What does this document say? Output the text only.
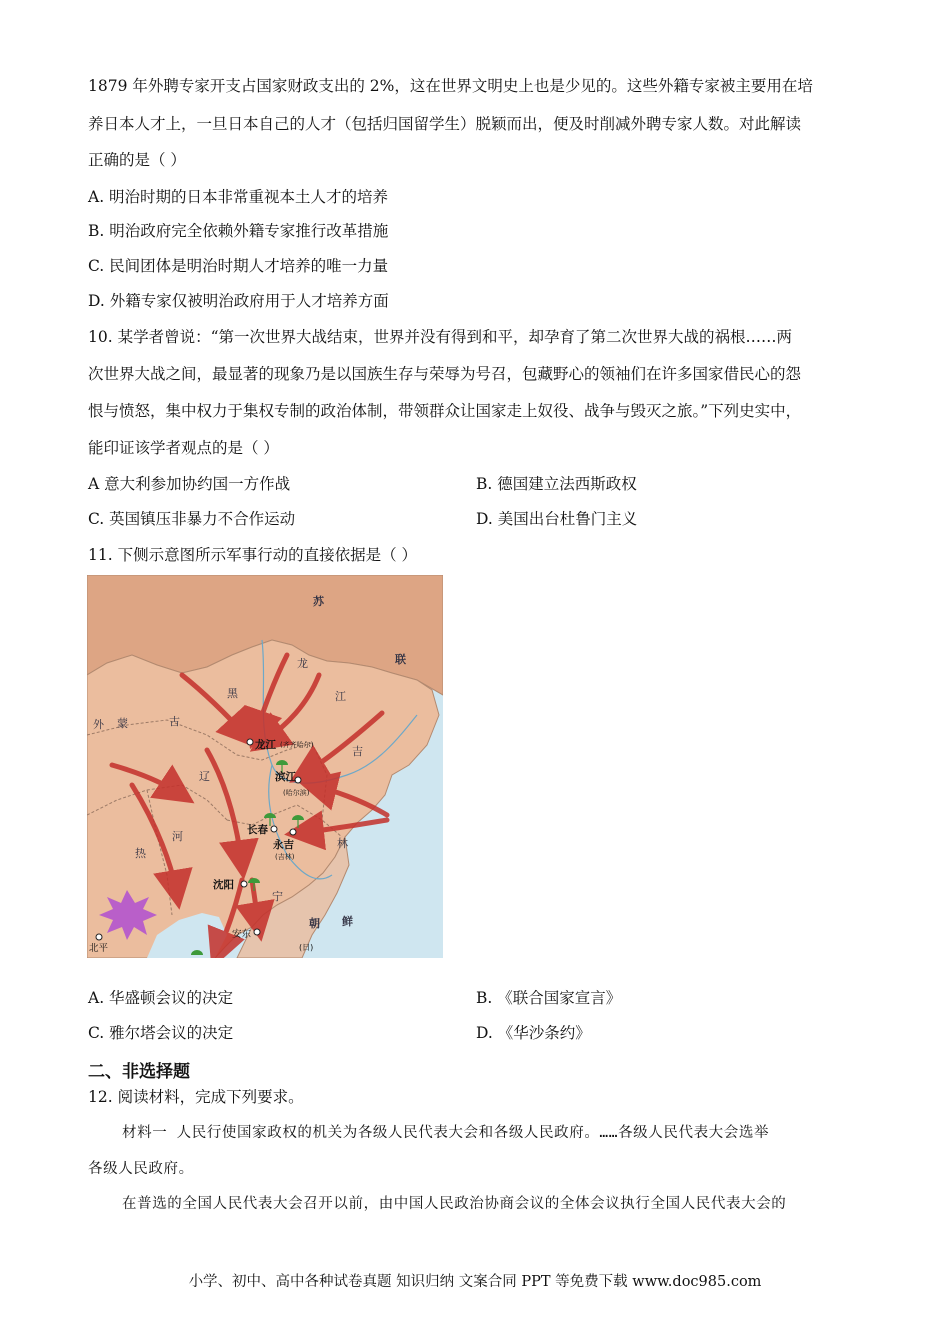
1879 年外聘专家开支占国家财政支出的 2%，这在世界文明史上也是少见的。这些外籍专家被主要用在培
养日本人才上，一旦日本自己的人才（包括归国留学生）脱颖而出，便及时削减外聘专家人数。对此解读
正确的是（ ）
A. 明治时期的日本非常重视本土人才的培养
B. 明治政府完全依赖外籍专家推行改革措施
C. 民间团体是明治时期人才培养的唯一力量
D. 外籍专家仅被明治政府用于人才培养方面
10. 某学者曾说：“第一次世界大战结束，世界并没有得到和平，却孕育了第二次世界大战的祸根……两
次世界大战之间，最显著的现象乃是以国族生存与荣辱为号召，包藏野心的领袖们在许多国家借民心的怨
恨与愤怒，集中权力于集权专制的政治体制，带领群众让国家走上奴役、战争与毁灭之旅。”下列史实中，
能印证该学者观点的是（ ）
A 意大利参加协约国一方作战	B. 德国建立法西斯政权
C. 英国镇压非暴力不合作运动	D. 美国出台杜鲁门主义
11. 下侧示意图所示军事行动的直接依据是（ ）
苏
联
黑
龙
江
外 蒙	古
辽
吉
林
热
河
宁
朝 鲜
龙江 (齐齐哈尔)
滨江
(哈尔滨)
长春
永吉
(吉林)
沈阳
安东
(日)
北平
A. 华盛顿会议的决定	B. 《联合国家宣言》
C. 雅尔塔会议的决定	D. 《华沙条约》
二、非选择题
12. 阅读材料，完成下列要求。
材料一 人民行使国家政权的机关为各级人民代表大会和各级人民政府。……各级人民代表大会选举
各级人民政府。
在普选的全国人民代表大会召开以前，由中国人民政治协商会议的全体会议执行全国人民代表大会的
小学、初中、高中各种试卷真题 知识归纳 文案合同 PPT 等免费下载 www.doc985.com
